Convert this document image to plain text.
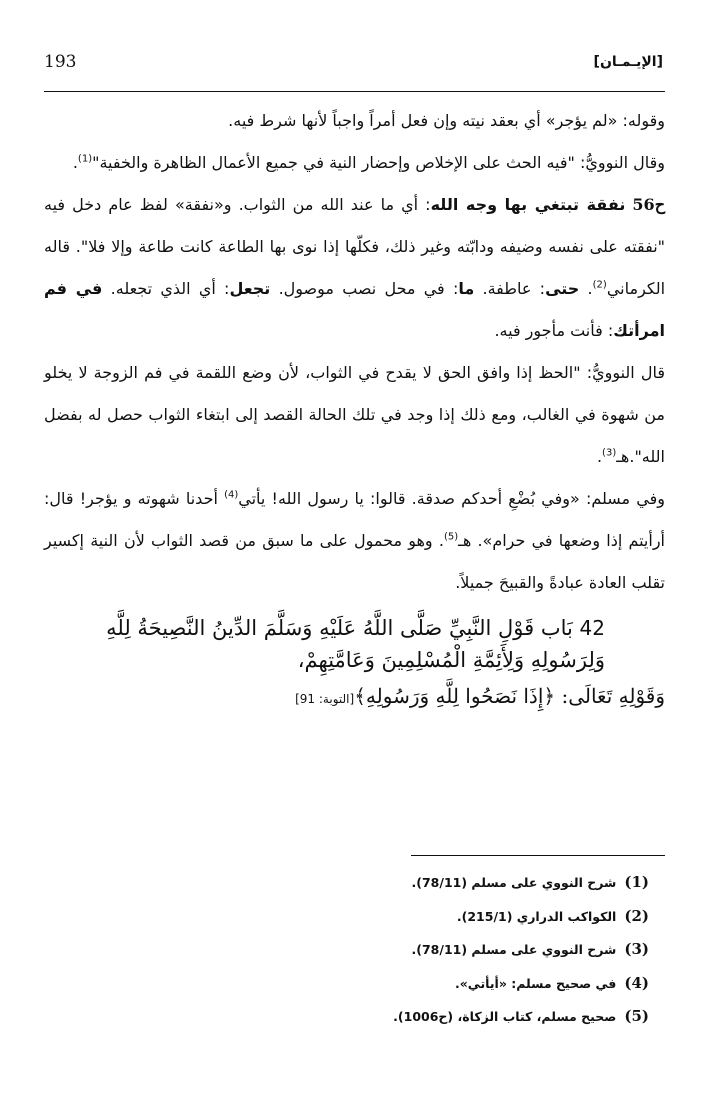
193	[الإيـمـان]

وقوله: «لم يؤجر» أي بعقد نيته وإن فعل أمراً واجباً لأنها شرط فيه.

وقال النوويُّ: "فيه الحث على الإخلاص وإحضار النية في جميع الأعمال الظاهرة والخفية"$^{(1)}$.

ح56 نفقة تبتغي بها وجه الله: أي ما عند الله من الثواب. و«نفقة» لفظ عام دخل فيه "نفقته على نفسه وضيفه ودابّته وغير ذلك، فكلّها إذا نوى بها الطاعة كانت طاعة وإلا فلا". قاله الكرماني$^{(2)}$. حتى: عاطفة. ما: في محل نصب موصول. تجعل: أي الذي تجعله. في فم امرأتك: فأنت مأجور فيه.

قال النوويُّ: "الحظ إذا وافق الحق لا يقدح في الثواب، لأن وضع اللقمة في فم الزوجة لا يخلو من شهوة في الغالب، ومع ذلك إذا وجد في تلك الحالة القصد إلى ابتغاء الثواب حصل له بفضل الله".هـ$^{(3)}$.

وفي مسلم: «وفي بُضْعِ أحدكم صدقة. قالوا: يا رسول الله! يأتي$^{(4)}$ أحدنا شهوته و يؤجر! قال: أرأيتم إذا وضعها في حرام». هـ$^{(5)}$. وهو محمول على ما سبق من قصد الثواب لأن النية إكسير تقلب العادة عبادةً والقبيحَ جميلاً.

42 بَاب قَوْلِ النَّبِيِّ صَلَّى اللَّهُ عَلَيْهِ وَسَلَّمَ الدِّينُ النَّصِيحَةُ لِلَّهِ وَلِرَسُولِهِ وَلِأَئِمَّةِ الْمُسْلِمِينَ وَعَامَّتِهِمْ،

وَقَوْلِهِ تَعَالَى: ﴿إِذَا نَصَحُوا لِلَّهِ وَرَسُولِهِ﴾[التوبة: 91]

(1)شرح النووي على مسلم (78/11).

(2)الكواكب الدراري (215/1).

(3)شرح النووي على مسلم (78/11).

(4)في صحيح مسلم: «أيأتي».

(5)صحيح مسلم، كتاب الزكاة، (ح1006).
